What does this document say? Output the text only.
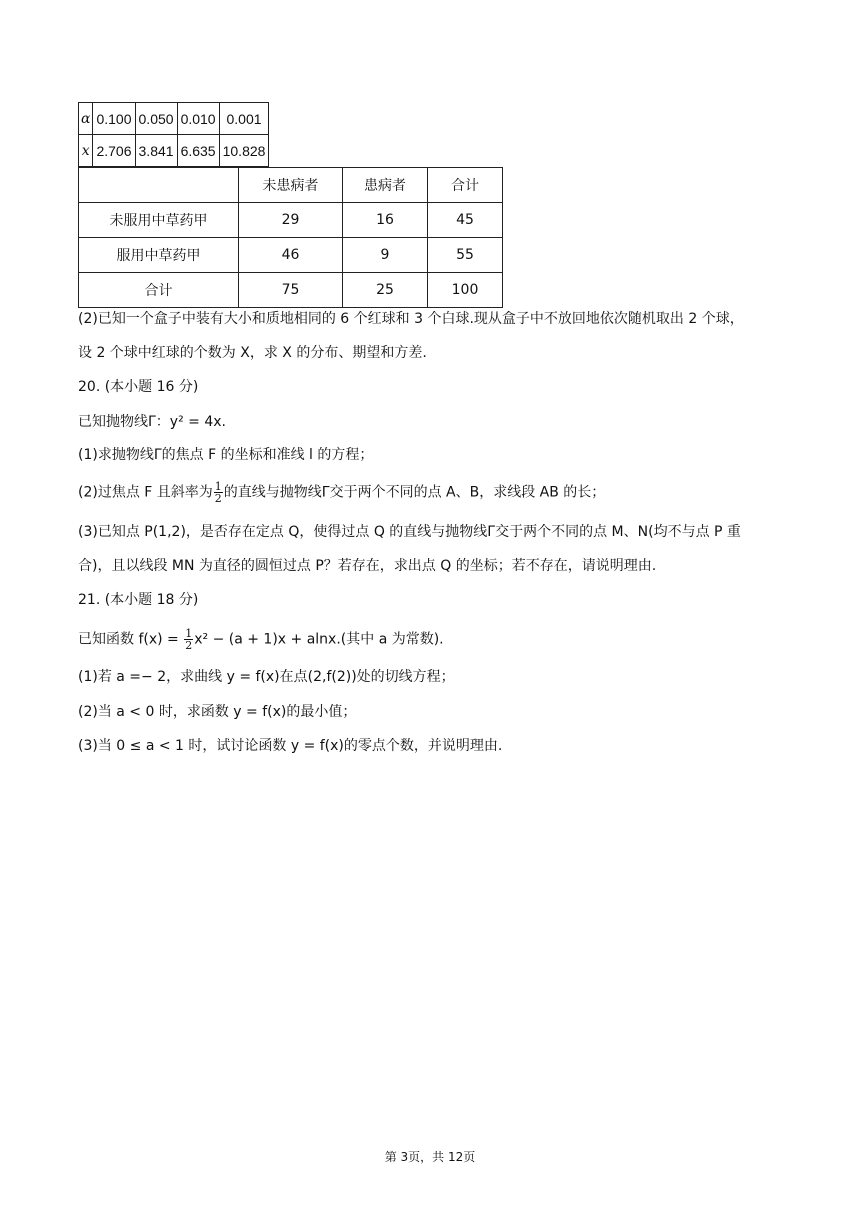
α	0.100	0.050	0.010	0.001
x	2.706	3.841	6.635	10.828
	未患病者	患病者	合计
未服用中草药甲	29	16	45
服用中草药甲	46	9	55
合计	75	25	100
(2)已知一个盒子中装有大小和质地相同的 6 个红球和 3 个白球.现从盒子中不放回地依次随机取出 2 个球，
设 2 个球中红球的个数为 X，求 X 的分布、期望和方差.
20. (本小题 16 分)
已知抛物线Γ：y² = 4x.
(1)求抛物线Γ的焦点 F 的坐标和准线 l 的方程；
(2)过焦点 F 且斜率为 $\frac{1}{2}$ 的直线与抛物线Γ交于两个不同的点 A、B，求线段 AB 的长；
(3)已知点 P(1,2)，是否存在定点 Q，使得过点 Q 的直线与抛物线Γ交于两个不同的点 M、N(均不与点 P 重
合)，且以线段 MN 为直径的圆恒过点 P？若存在，求出点 Q 的坐标；若不存在，请说明理由.
21. (本小题 18 分)
已知函数 $f(x) = \frac{1}{2} x^2 - (a + 1)x + alnx$.(其中 a 为常数).
(1)若 a =− 2，求曲线 y = f(x)在点(2,f(2))处的切线方程；
(2)当 a < 0 时，求函数 y = f(x)的最小值；
(3)当 0 ≤ a < 1 时，试讨论函数 y = f(x)的零点个数，并说明理由.
第 3页，共 12页
